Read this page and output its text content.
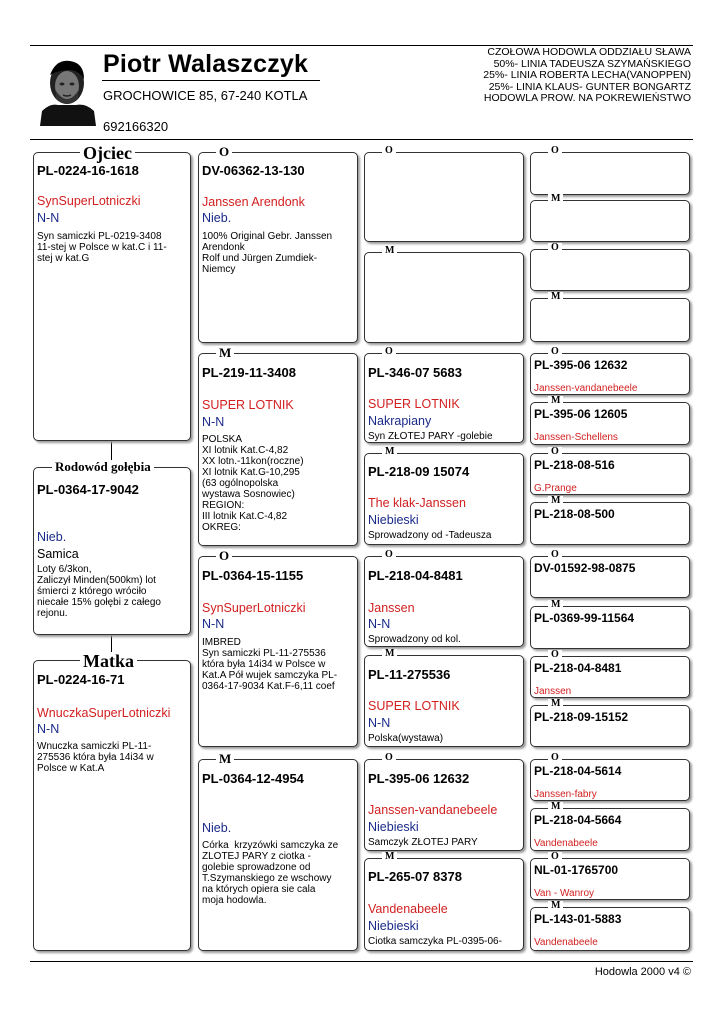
Piotr Walaszczyk
GROCHOWICE 85, 67-240 KOTLA
692166320
CZOŁOWA HODOWLA ODDZIAŁU SŁAWA
50%- LINIA TADEUSZA SZYMAŃSKIEGO
25%- LINIA ROBERTA LECHA(VANOPPEN)
25%- LINIA KLAUS- GUNTER BONGARTZ
HODOWLA PROW. NA POKREWIEŃSTWO
PL-0224-16-1618
SynSuperLotniczki
N-N
Syn samiczki PL-0219-3408
11-stej w Polsce w kat.C i 11-
stej w kat.G
Ojciec
PL-0364-17-9042
Nieb.
Samica
Loty 6/3kon,
Zaliczył Minden(500km) lot
śmierci z którego wróciło
niecałe 15% gołębi z całego
rejonu.
Rodowód gołębia
PL-0224-16-71
WnuczkaSuperLotniczki
N-N
Wnuczka samiczki PL-11-
275536 która była 14i34 w
Polsce w Kat.A
Matka
DV-06362-13-130
Janssen Arendonk
Nieb.
100% Original Gebr. Janssen
Arendonk
Rolf und Jürgen Zumdiek-
Niemcy
O
PL-219-11-3408
SUPER LOTNIK
N-N
POLSKA
XI lotnik Kat.C-4,82
XX lotn.-11kon(roczne)
XI lotnik Kat.G-10,295
(63 ogólnopolska
wystawa Sosnowiec)
REGION:
III lotnik Kat.C-4,82
OKREG:
M
PL-0364-15-1155
SynSuperLotniczki
N-N
IMBRED
Syn samiczki PL-11-275536
która była 14i34 w Polsce w
Kat.A Pół wujek samczyka PL-
0364-17-9034 Kat.F-6,11 coef
O
PL-0364-12-4954
Nieb.
Córka  krzyzówki samczyka ze
ZLOTEJ PARY z ciotka -
golebie sprowadzone od
T.Szymanskiego ze wschowy
na których opiera sie cala
moja hodowla.
M
O
M
PL-346-07 5683
SUPER LOTNIK
Nakrapiany
Syn ZŁOTEJ PARY -golebie
O
PL-218-09 15074
The klak-Janssen
Niebieski
Sprowadzony od -Tadeusza
M
PL-218-04-8481
Janssen
N-N
Sprowadzony od kol.
O
PL-11-275536
SUPER LOTNIK
N-N
Polska(wystawa)
M
PL-395-06 12632
Janssen-vandanebeele
Niebieski
Samczyk ZŁOTEJ PARY
O
PL-265-07 8378
Vandenabeele
Niebieski
Ciotka samczyka PL-0395-06-
M
O
M
O
M
PL-395-06 12632
Janssen-vandanebeele
O
PL-395-06 12605
Janssen-Schellens
M
PL-218-08-516
G.Prange
O
PL-218-08-500
M
DV-01592-98-0875
O
PL-0369-99-11564
M
PL-218-04-8481
Janssen
O
PL-218-09-15152
M
PL-218-04-5614
Janssen-fabry
O
PL-218-04-5664
Vandenabeele
M
NL-01-1765700
Van - Wanroy
O
PL-143-01-5883
Vandenabeele
M
Hodowla 2000 v4 ©
